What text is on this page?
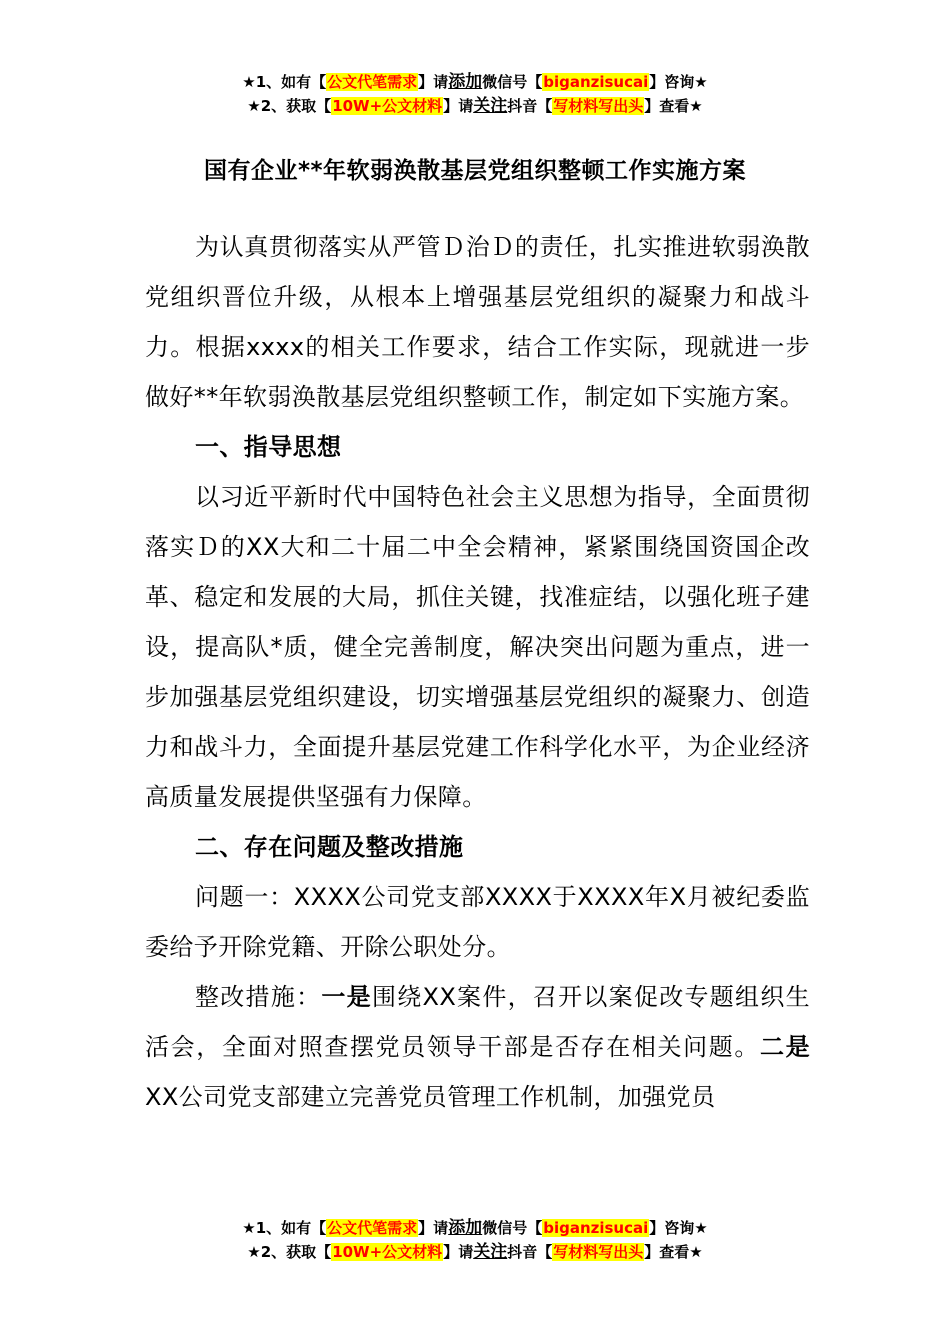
★1、如有【公文代笔需求】请添加微信号【biganzisucai】咨询★
★2、获取【10W+公文材料】请关注抖音【写材料写出头】查看★
国有企业**年软弱涣散基层党组织整顿工作实施方案

为认真贯彻落实从严管Ｄ治Ｄ的责任，扎实推进软弱涣散党组织晋位升级，从根本上增强基层党组织的凝聚力和战斗力。根据xxxx的相关工作要求，结合工作实际，现就进一步做好**年软弱涣散基层党组织整顿工作，制定如下实施方案。

一、指导思想

以习近平新时代中国特色社会主义思想为指导，全面贯彻落实Ｄ的XX大和二十届二中全会精神，紧紧围绕国资国企改革、稳定和发展的大局，抓住关键，找准症结，以强化班子建设，提高队*质，健全完善制度，解决突出问题为重点，进一步加强基层党组织建设，切实增强基层党组织的凝聚力、创造力和战斗力，全面提升基层党建工作科学化水平，为企业经济高质量发展提供坚强有力保障。

二、存在问题及整改措施

问题一：XXXX公司党支部XXXX于XXXX年X月被纪委监委给予开除党籍、开除公职处分。

整改措施：一是围绕XX案件，召开以案促改专题组织生活会，全面对照查摆党员领导干部是否存在相关问题。二是XX公司党支部建立完善党员管理工作机制，加强党员

★1、如有【公文代笔需求】请添加微信号【biganzisucai】咨询★
★2、获取【10W+公文材料】请关注抖音【写材料写出头】查看★
